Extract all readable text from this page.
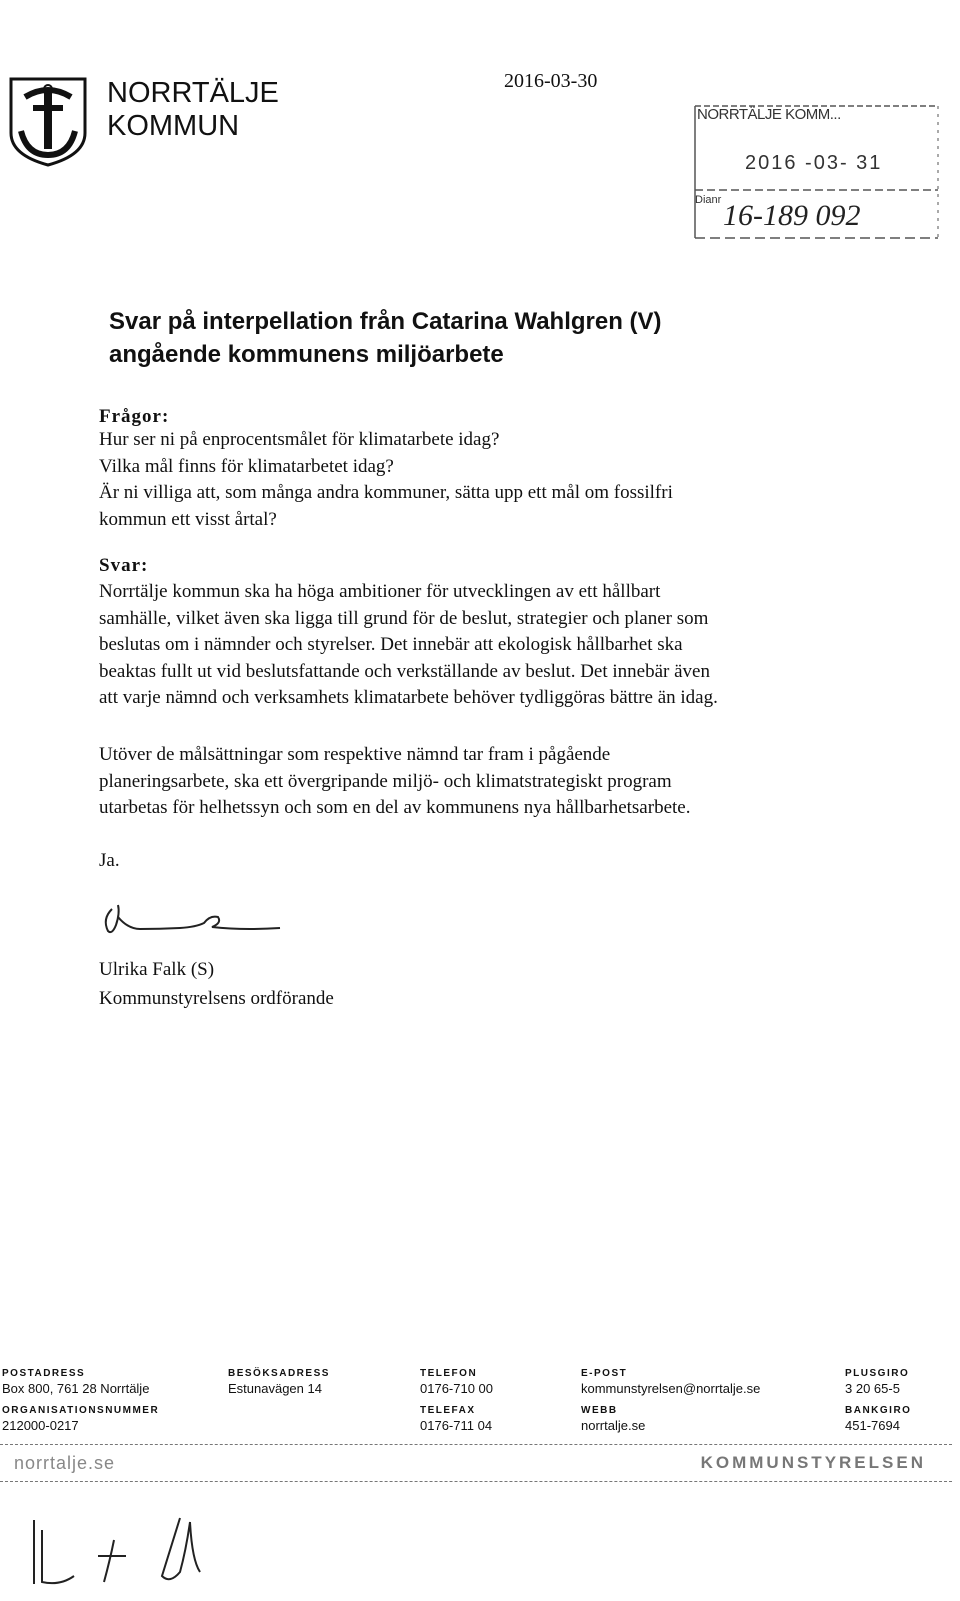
NORRTÄLJE
KOMMUN
2016-03-30
NORRTÄLJE KOMM...
2016 -03- 31
Dianr 16-189 092
Svar på interpellation från Catarina Wahlgren (V)
angående kommunens miljöarbete
Frågor:
Hur ser ni på enprocentsmålet för klimatarbete idag?
Vilka mål finns för klimatarbetet idag?
Är ni villiga att, som många andra kommuner, sätta upp ett mål om fossilfri
kommun ett visst årtal?
Svar:
Norrtälje kommun ska ha höga ambitioner för utvecklingen av ett hållbart
samhälle, vilket även ska ligga till grund för de beslut, strategier och planer som
beslutas om i nämnder och styrelser. Det innebär att ekologisk hållbarhet ska
beaktas fullt ut vid beslutsfattande och verkställande av beslut. Det innebär även
att varje nämnd och verksamhets klimatarbete behöver tydliggöras bättre än idag.
Utöver de målsättningar som respektive nämnd tar fram i pågående
planeringsarbete, ska ett övergripande miljö- och klimatstrategiskt program
utarbetas för helhetssyn och som en del av kommunens nya hållbarhetsarbete.
Ja.
Ulrika Falk (S)
Kommunstyrelsens ordförande
POSTADRESS
Box 800, 761 28 Norrtälje
ORGANISATIONSNUMMER
212000-0217
BESÖKSADRESS
Estunavägen 14
TELEFON
0176-710 00
TELEFAX
0176-711 04
E-POST
kommunstyrelsen@norrtalje.se
WEBB
norrtalje.se
PLUSGIRO
3 20 65-5
BANKGIRO
451-7694
norrtalje.se	KOMMUNSTYRELSEN
